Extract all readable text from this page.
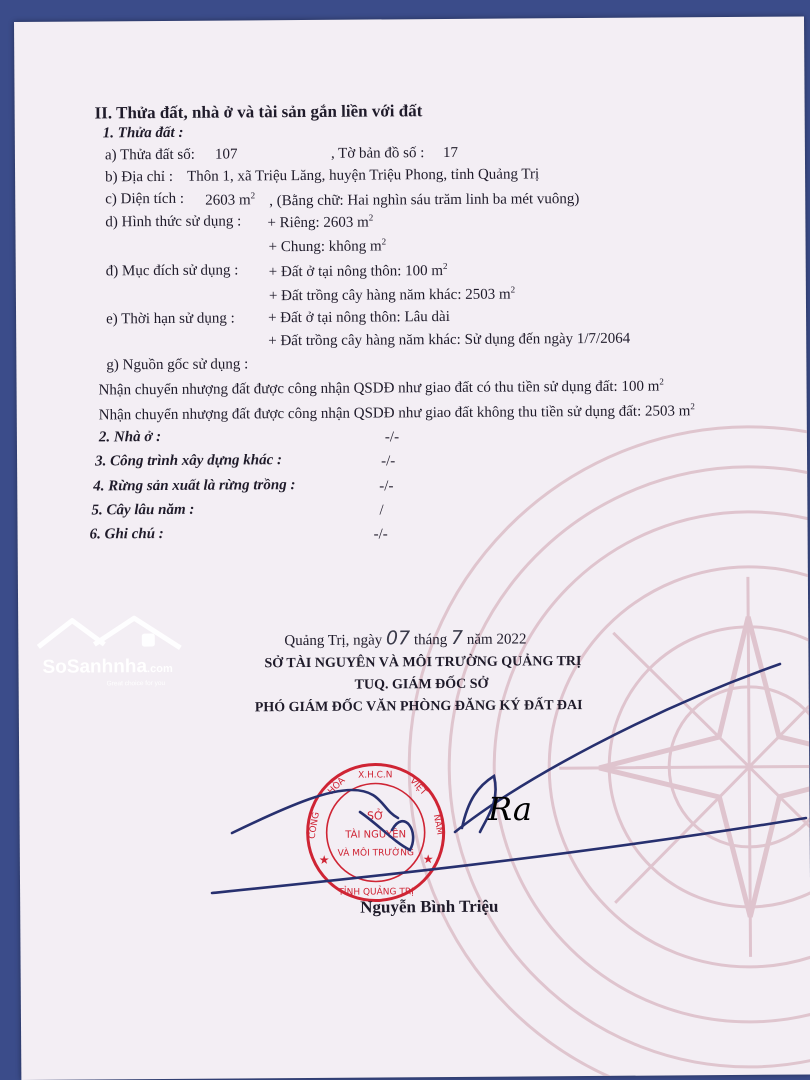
II. Thửa đất, nhà ở và tài sản gắn liền với đất
1. Thửa đất :
a) Thửa đất số: 107	, Tờ bản đồ số : 17
b) Địa chỉ : Thôn 1, xã Triệu Lăng, huyện Triệu Phong, tỉnh Quảng Trị
c) Diện tích : 2603 $m^2$ , (Bằng chữ: Hai nghìn sáu trăm linh ba mét vuông)
d) Hình thức sử dụng : + Riêng: 2603 $m^2$
+ Chung: không $m^2$
đ) Mục đích sử dụng : + Đất ở tại nông thôn: 100 $m^2$
+ Đất trồng cây hàng năm khác: 2503 $m^2$
e) Thời hạn sử dụng : + Đất ở tại nông thôn: Lâu dài
+ Đất trồng cây hàng năm khác: Sử dụng đến ngày 1/7/2064
g) Nguồn gốc sử dụng :
Nhận chuyển nhượng đất được công nhận QSDĐ như giao đất có thu tiền sử dụng đất: 100 $m^2$
Nhận chuyển nhượng đất được công nhận QSDĐ như giao đất không thu tiền sử dụng đất: 2503 $m^2$
2. Nhà ở :	-/-
3. Công trình xây dựng khác :	-/-
4. Rừng sản xuất là rừng trồng :	-/-
5. Cây lâu năm :	/
6. Ghi chú :	-/-
Quảng Trị, ngày 07 tháng 7 năm 2022
SỞ TÀI NGUYÊN VÀ MÔI TRƯỜNG QUẢNG TRỊ
TUQ. GIÁM ĐỐC SỞ
PHÓ GIÁM ĐỐC VĂN PHÒNG ĐĂNG KÝ ĐẤT ĐAI
X.H.C.N
HÒA
CÔNG
VIỆT
NAM
TỈNH QUẢNG TRỊ
SỞ
TÀI NGUYÊN
VÀ MÔI TRƯỜNG
★	★
Nguyễn Bình Triệu
SoSanhnha.com
Great choice for you
Ra
